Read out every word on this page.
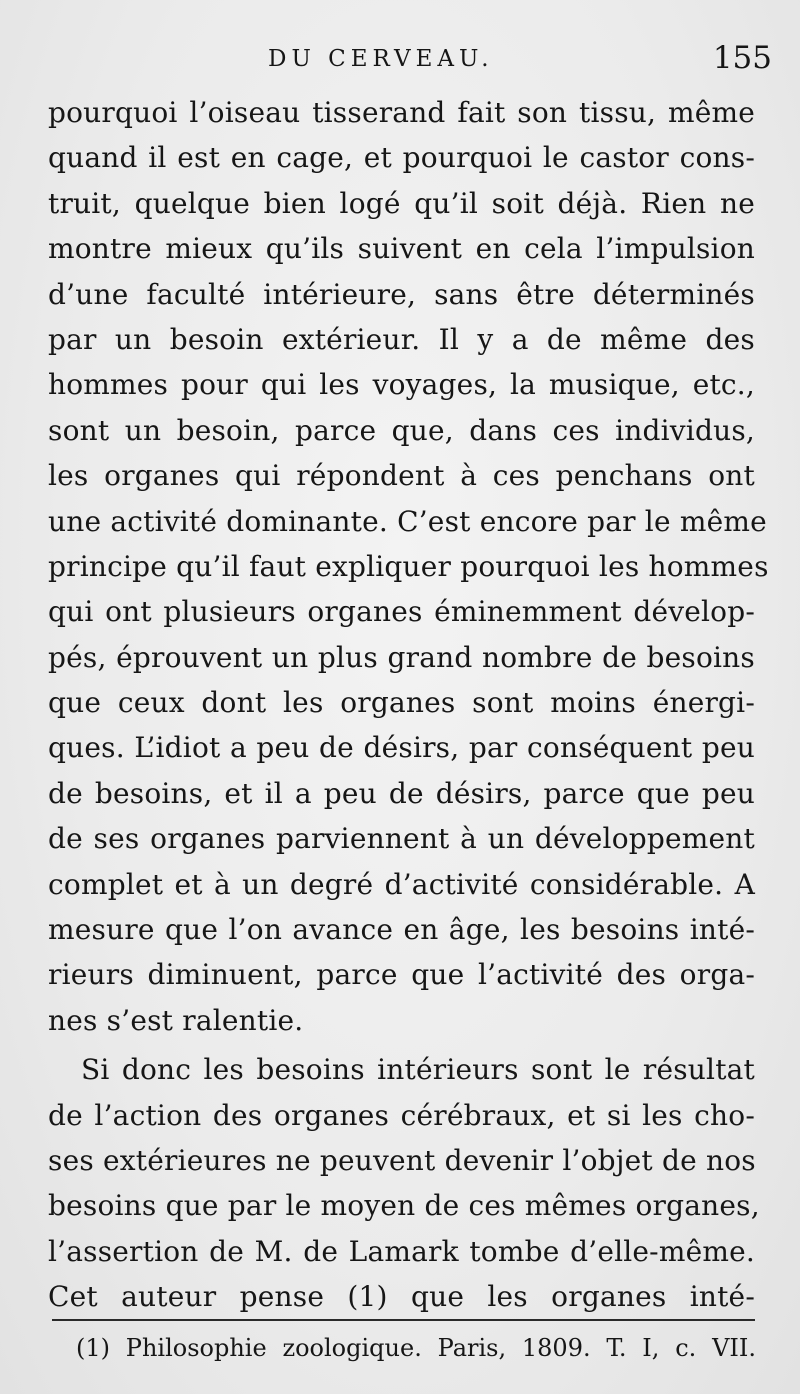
DU CERVEAU.	155
pourquoi l’oiseau tisserand fait son tissu, même
quand il est en cage, et pourquoi le castor cons-
truit, quelque bien logé qu’il soit déjà. Rien ne
montre mieux qu’ils suivent en cela l’impulsion
d’une faculté intérieure, sans être déterminés
par un besoin extérieur. Il y a de même des
hommes pour qui les voyages, la musique, etc.,
sont un besoin, parce que, dans ces individus,
les organes qui répondent à ces penchans ont
une activité dominante. C’est encore par le même
principe qu’il faut expliquer pourquoi les hommes
qui ont plusieurs organes éminemment dévelop-
pés, éprouvent un plus grand nombre de besoins
que ceux dont les organes sont moins énergi-
ques. L’idiot a peu de désirs, par conséquent peu
de besoins, et il a peu de désirs, parce que peu
de ses organes parviennent à un développement
complet et à un degré d’activité considérable. A
mesure que l’on avance en âge, les besoins inté-
rieurs diminuent, parce que l’activité des orga-
nes s’est ralentie.
Si donc les besoins intérieurs sont le résultat
de l’action des organes cérébraux, et si les cho-
ses extérieures ne peuvent devenir l’objet de nos
besoins que par le moyen de ces mêmes organes,
l’assertion de M. de Lamark tombe d’elle-même.
Cet auteur pense (1) que les organes inté-
(1) Philosophie zoologique. Paris, 1809. T. I, c. VII.
